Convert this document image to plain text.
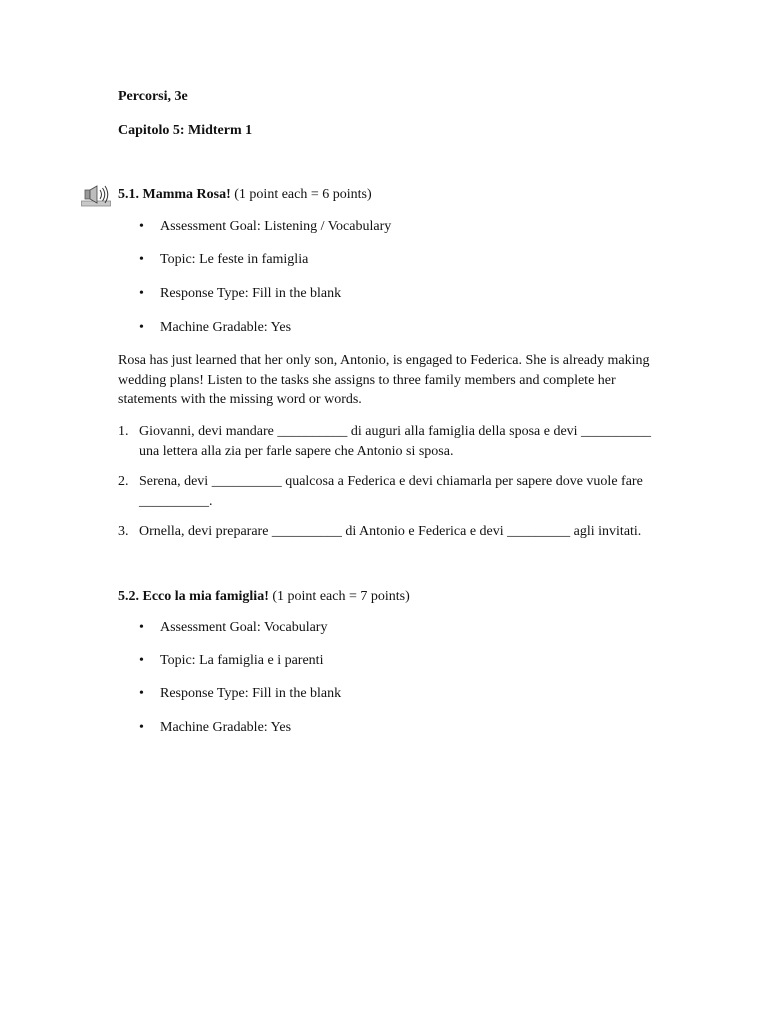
Percorsi, 3e
Capitolo 5: Midterm 1
5.1. Mamma Rosa! (1 point each = 6 points)
• Assessment Goal: Listening / Vocabulary
• Topic: Le feste in famiglia
• Response Type: Fill in the blank
• Machine Gradable: Yes
Rosa has just learned that her only son, Antonio, is engaged to Federica. She is already making wedding plans! Listen to the tasks she assigns to three family members and complete her statements with the missing word or words.
1. Giovanni, devi mandare __________ di auguri alla famiglia della sposa e devi __________ una lettera alla zia per farle sapere che Antonio si sposa.
2. Serena, devi __________ qualcosa a Federica e devi chiamarla per sapere dove vuole fare __________.
3. Ornella, devi preparare __________ di Antonio e Federica e devi _________ agli invitati.
5.2. Ecco la mia famiglia! (1 point each = 7 points)
• Assessment Goal: Vocabulary
• Topic: La famiglia e i parenti
• Response Type: Fill in the blank
• Machine Gradable: Yes
